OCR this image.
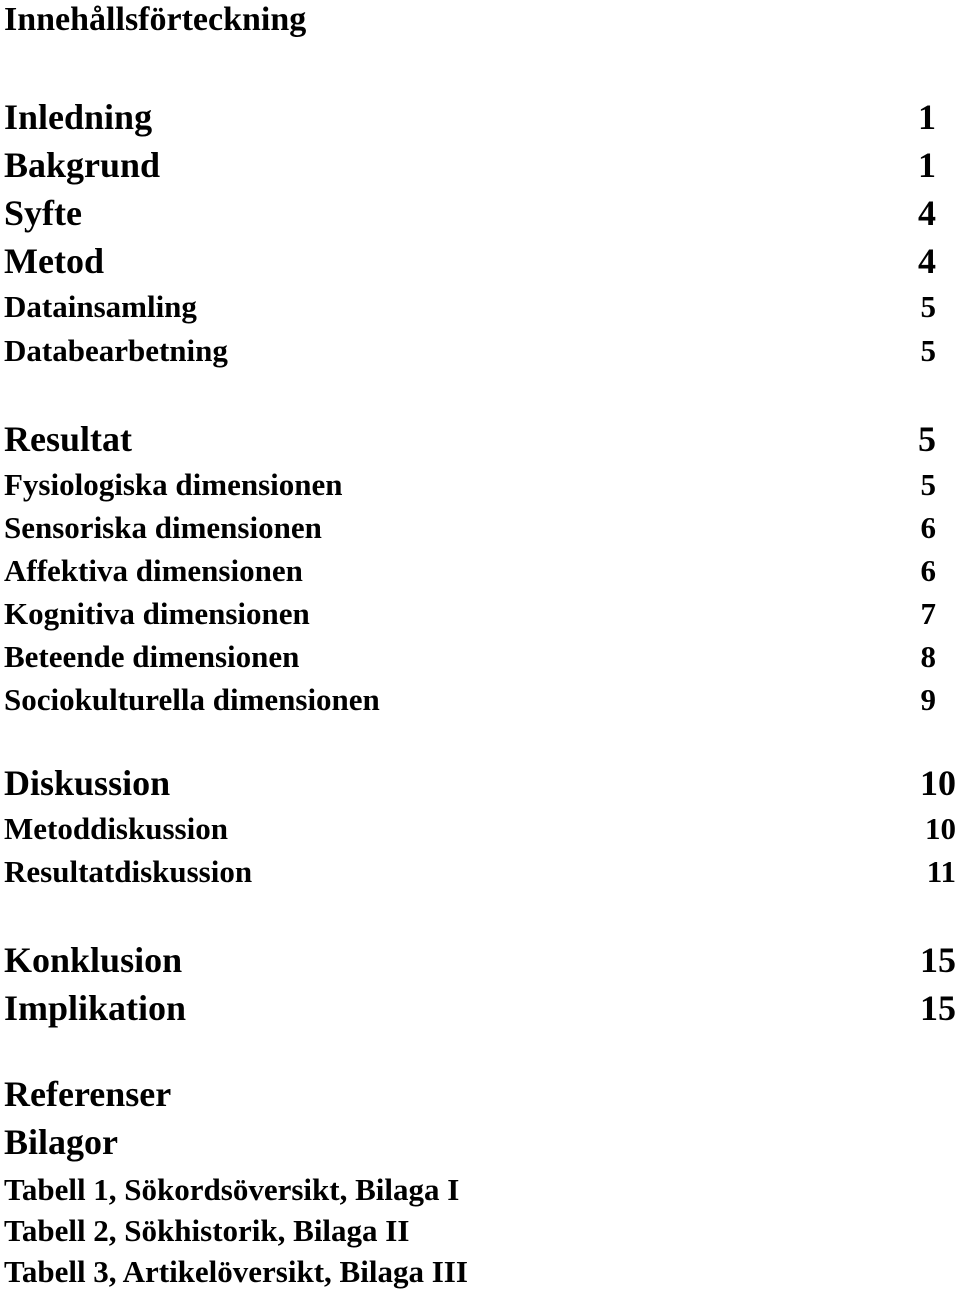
Innehållsförteckning
Inledning	1
Bakgrund	1
Syfte	4
Metod	4
Datainsamling	5
Databearbetning	5
Resultat	5
Fysiologiska dimensionen	5
Sensoriska dimensionen	6
Affektiva dimensionen	6
Kognitiva dimensionen	7
Beteende dimensionen	8
Sociokulturella dimensionen	9
Diskussion	10
Metoddiskussion	10
Resultatdiskussion	11
Konklusion	15
Implikation	15
Referenser
Bilagor
Tabell 1, Sökordsöversikt, Bilaga I
Tabell 2, Sökhistorik, Bilaga II
Tabell 3, Artikelöversikt, Bilaga III
